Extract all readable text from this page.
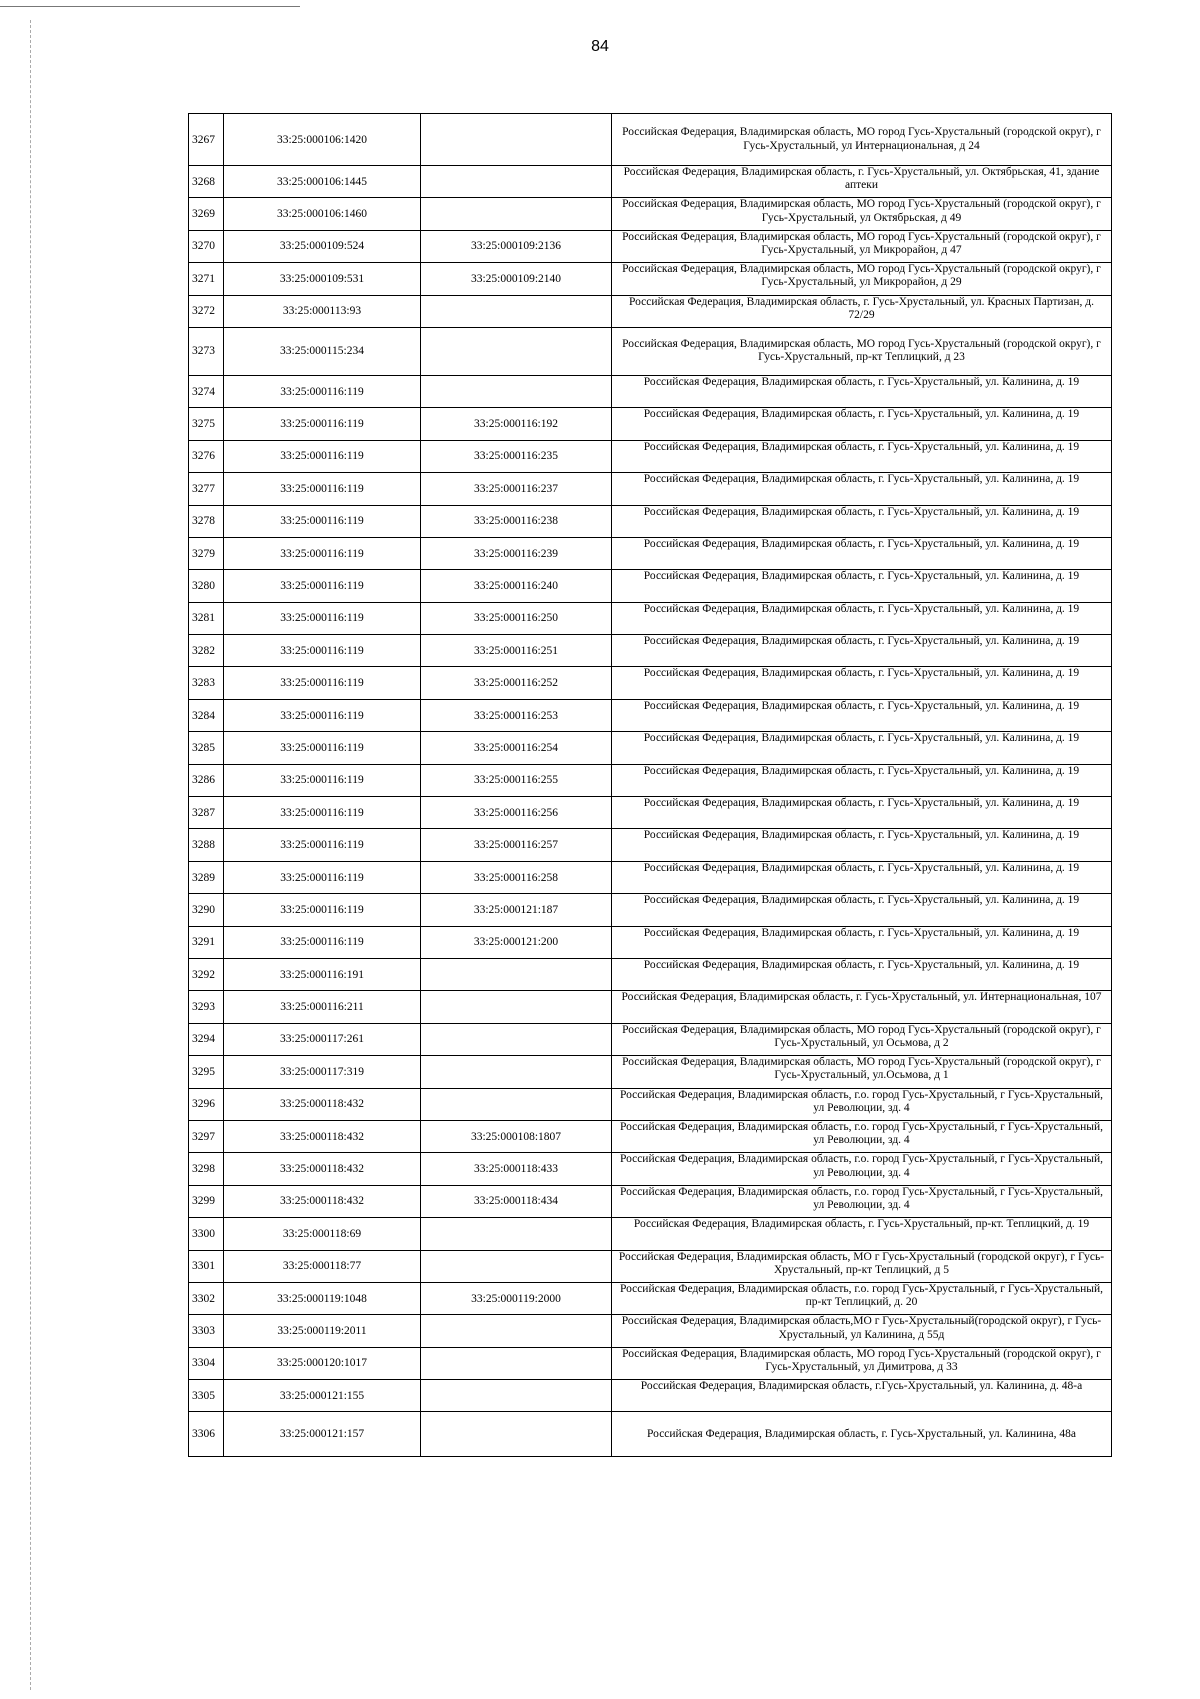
84
3267	33:25:000106:1420		Российская Федерация, Владимирская область, МО город Гусь-Хрустальный (городской округ), г Гусь-Хрустальный, ул Интернациональная, д 24
3268	33:25:000106:1445		Российская Федерация, Владимирская область, г. Гусь-Хрустальный, ул. Октябрьская, 41, здание аптеки
3269	33:25:000106:1460		Российская Федерация, Владимирская область, МО город Гусь-Хрустальный (городской округ), г Гусь-Хрустальный, ул Октябрьская, д 49
3270	33:25:000109:524	33:25:000109:2136	Российская Федерация, Владимирская область, МО город Гусь-Хрустальный (городской округ), г Гусь-Хрустальный, ул Микрорайон, д 47
3271	33:25:000109:531	33:25:000109:2140	Российская Федерация, Владимирская область, МО город Гусь-Хрустальный (городской округ), г Гусь-Хрустальный, ул Микрорайон, д 29
3272	33:25:000113:93		Российская Федерация, Владимирская область, г. Гусь-Хрустальный, ул. Красных Партизан, д. 72/29
3273	33:25:000115:234		Российская Федерация, Владимирская область, МО город Гусь-Хрустальный (городской округ), г Гусь-Хрустальный, пр-кт Теплицкий, д 23
3274	33:25:000116:119		Российская Федерация, Владимирская область, г. Гусь-Хрустальный, ул. Калинина, д. 19
3275	33:25:000116:119	33:25:000116:192	Российская Федерация, Владимирская область, г. Гусь-Хрустальный, ул. Калинина, д. 19
3276	33:25:000116:119	33:25:000116:235	Российская Федерация, Владимирская область, г. Гусь-Хрустальный, ул. Калинина, д. 19
3277	33:25:000116:119	33:25:000116:237	Российская Федерация, Владимирская область, г. Гусь-Хрустальный, ул. Калинина, д. 19
3278	33:25:000116:119	33:25:000116:238	Российская Федерация, Владимирская область, г. Гусь-Хрустальный, ул. Калинина, д. 19
3279	33:25:000116:119	33:25:000116:239	Российская Федерация, Владимирская область, г. Гусь-Хрустальный, ул. Калинина, д. 19
3280	33:25:000116:119	33:25:000116:240	Российская Федерация, Владимирская область, г. Гусь-Хрустальный, ул. Калинина, д. 19
3281	33:25:000116:119	33:25:000116:250	Российская Федерация, Владимирская область, г. Гусь-Хрустальный, ул. Калинина, д. 19
3282	33:25:000116:119	33:25:000116:251	Российская Федерация, Владимирская область, г. Гусь-Хрустальный, ул. Калинина, д. 19
3283	33:25:000116:119	33:25:000116:252	Российская Федерация, Владимирская область, г. Гусь-Хрустальный, ул. Калинина, д. 19
3284	33:25:000116:119	33:25:000116:253	Российская Федерация, Владимирская область, г. Гусь-Хрустальный, ул. Калинина, д. 19
3285	33:25:000116:119	33:25:000116:254	Российская Федерация, Владимирская область, г. Гусь-Хрустальный, ул. Калинина, д. 19
3286	33:25:000116:119	33:25:000116:255	Российская Федерация, Владимирская область, г. Гусь-Хрустальный, ул. Калинина, д. 19
3287	33:25:000116:119	33:25:000116:256	Российская Федерация, Владимирская область, г. Гусь-Хрустальный, ул. Калинина, д. 19
3288	33:25:000116:119	33:25:000116:257	Российская Федерация, Владимирская область, г. Гусь-Хрустальный, ул. Калинина, д. 19
3289	33:25:000116:119	33:25:000116:258	Российская Федерация, Владимирская область, г. Гусь-Хрустальный, ул. Калинина, д. 19
3290	33:25:000116:119	33:25:000121:187	Российская Федерация, Владимирская область, г. Гусь-Хрустальный, ул. Калинина, д. 19
3291	33:25:000116:119	33:25:000121:200	Российская Федерация, Владимирская область, г. Гусь-Хрустальный, ул. Калинина, д. 19
3292	33:25:000116:191		Российская Федерация, Владимирская область, г. Гусь-Хрустальный, ул. Калинина, д. 19
3293	33:25:000116:211		Российская Федерация, Владимирская область, г. Гусь-Хрустальный, ул. Интернациональная, 107
3294	33:25:000117:261		Российская Федерация, Владимирская область, МО город Гусь-Хрустальный (городской округ), г Гусь-Хрустальный, ул Осьмова, д 2
3295	33:25:000117:319		Российская Федерация, Владимирская область, МО город Гусь-Хрустальный (городской округ), г Гусь-Хрустальный, ул.Осьмова, д 1
3296	33:25:000118:432		Российская Федерация, Владимирская область, г.о. город Гусь-Хрустальный, г Гусь-Хрустальный, ул Революции, зд. 4
3297	33:25:000118:432	33:25:000108:1807	Российская Федерация, Владимирская область, г.о. город Гусь-Хрустальный, г Гусь-Хрустальный, ул Революции, зд. 4
3298	33:25:000118:432	33:25:000118:433	Российская Федерация, Владимирская область, г.о. город Гусь-Хрустальный, г Гусь-Хрустальный, ул Революции, зд. 4
3299	33:25:000118:432	33:25:000118:434	Российская Федерация, Владимирская область, г.о. город Гусь-Хрустальный, г Гусь-Хрустальный, ул Революции, зд. 4
3300	33:25:000118:69		Российская Федерация, Владимирская область, г. Гусь-Хрустальный, пр-кт. Теплицкий, д. 19
3301	33:25:000118:77		Российская Федерация, Владимирская область, МО г Гусь-Хрустальный (городской округ), г Гусь-Хрустальный, пр-кт Теплицкий, д 5
3302	33:25:000119:1048	33:25:000119:2000	Российская Федерация, Владимирская область, г.о. город Гусь-Хрустальный, г Гусь-Хрустальный, пр-кт Теплицкий, д. 20
3303	33:25:000119:2011		Российская Федерация, Владимирская область,МО г Гусь-Хрустальный(городской округ), г Гусь-Хрустальный, ул Калинина, д 55д
3304	33:25:000120:1017		Российская Федерация, Владимирская область, МО город Гусь-Хрустальный (городской округ), г Гусь-Хрустальный, ул Димитрова, д 33
3305	33:25:000121:155		Российская Федерация, Владимирская область, г.Гусь-Хрустальный, ул. Калинина, д. 48-а
3306	33:25:000121:157		Российская Федерация, Владимирская область, г. Гусь-Хрустальный, ул. Калинина, 48а
